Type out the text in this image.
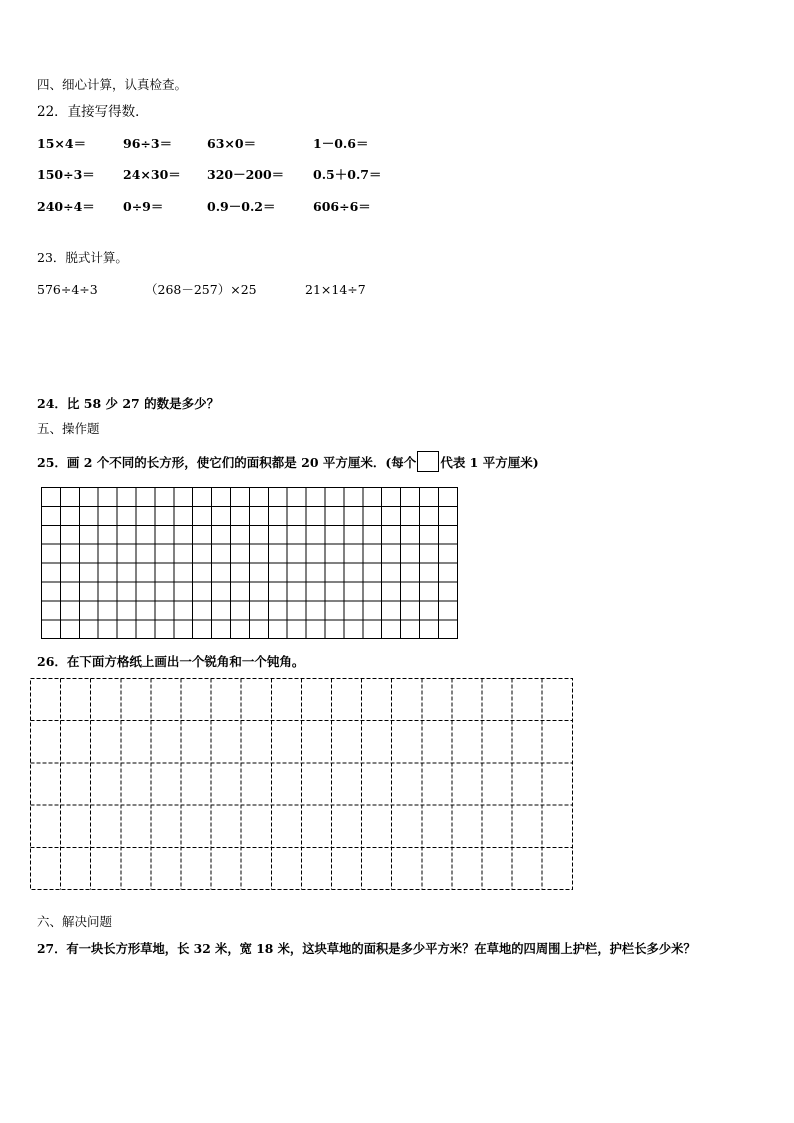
四、细心计算，认真检查。
22．直接写得数．
15×4＝	96÷3＝	63×0＝	1－0.6＝
150÷3＝ 24×30＝ 320－200＝ 0.5＋0.7＝
240÷4＝ 0÷9＝	0.9－0.2＝	606÷6＝
23．脱式计算。
576÷4÷3	（268－257）×25	21×14÷7
24．比 58 少 27 的数是多少？
五、操作题
25．画 2 个不同的长方形，使它们的面积都是 20 平方厘米．(每个 代表 1 平方厘米)
26．在下面方格纸上画出一个锐角和一个钝角。
六、解决问题
27．有一块长方形草地，长 32 米，宽 18 米，这块草地的面积是多少平方米？在草地的四周围上护栏，护栏长多少米？
